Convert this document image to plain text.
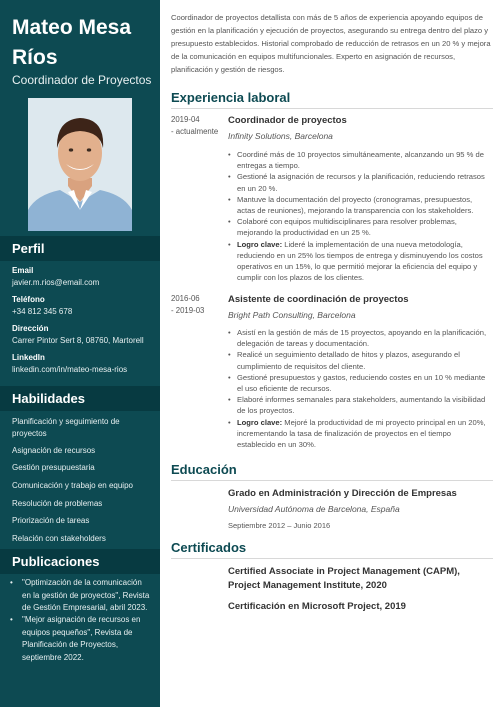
Mateo Mesa Ríos
Coordinador de Proyectos
Perfil
Email
javier.m.rios@email.com
Teléfono
+34 812 345 678
Dirección
Carrer Pintor Sert 8, 08760, Martorell
LinkedIn
linkedin.com/in/mateo-mesa-rios
Habilidades
Planificación y seguimiento de proyectos
Asignación de recursos
Gestión presupuestaria
Comunicación y trabajo en equipo
Resolución de problemas
Priorización de tareas
Relación con stakeholders
Publicaciones
• "Optimización de la comunicación en la gestión de proyectos", Revista de Gestión Empresarial, abril 2023.
• "Mejor asignación de recursos en equipos pequeños", Revista de Planificación de Proyectos, septiembre 2022.
Coordinador de proyectos detallista con más de 5 años de experiencia apoyando equipos de gestión en la planificación y ejecución de proyectos, asegurando su entrega dentro del plazo y presupuesto establecidos. Historial comprobado de reducción de retrasos en un 20 % y mejora de la comunicación en equipos multifuncionales. Experto en asignación de recursos, planificación y gestión de riesgos.
Experiencia laboral
2019-04
- actualmente
Coordinador de proyectos
Infinity Solutions, Barcelona
• Coordiné más de 10 proyectos simultáneamente, alcanzando un 95 % de entregas a tiempo.
• Gestioné la asignación de recursos y la planificación, reduciendo retrasos en un 20 %.
• Mantuve la documentación del proyecto (cronogramas, presupuestos, actas de reuniones), mejorando la transparencia con los stakeholders.
• Colaboré con equipos multidisciplinares para resolver problemas, mejorando la productividad en un 25 %.
• Logro clave: Lideré la implementación de una nueva metodología, reduciendo en un 25% los tiempos de entrega y disminuyendo los costos operativos en un 15%, lo que permitió mejorar la eficiencia del equipo y cumplir con los plazos de los clientes.
2016-06
- 2019-03
Asistente de coordinación de proyectos
Bright Path Consulting, Barcelona
• Asistí en la gestión de más de 15 proyectos, apoyando en la planificación, delegación de tareas y documentación.
• Realicé un seguimiento detallado de hitos y plazos, asegurando el cumplimiento de requisitos del cliente.
• Gestioné presupuestos y gastos, reduciendo costes en un 10 % mediante el uso eficiente de recursos.
• Elaboré informes semanales para stakeholders, aumentando la visibilidad de los proyectos.
• Logro clave: Mejoré la productividad de mi proyecto principal en un 20%, incrementando la tasa de finalización de proyectos en el tiempo establecido en un 30%.
Educación
Grado en Administración y Dirección de Empresas
Universidad Autónoma de Barcelona, España
Septiembre 2012 – Junio 2016
Certificados
Certified Associate in Project Management (CAPM), Project Management Institute, 2020
Certificación en Microsoft Project, 2019
